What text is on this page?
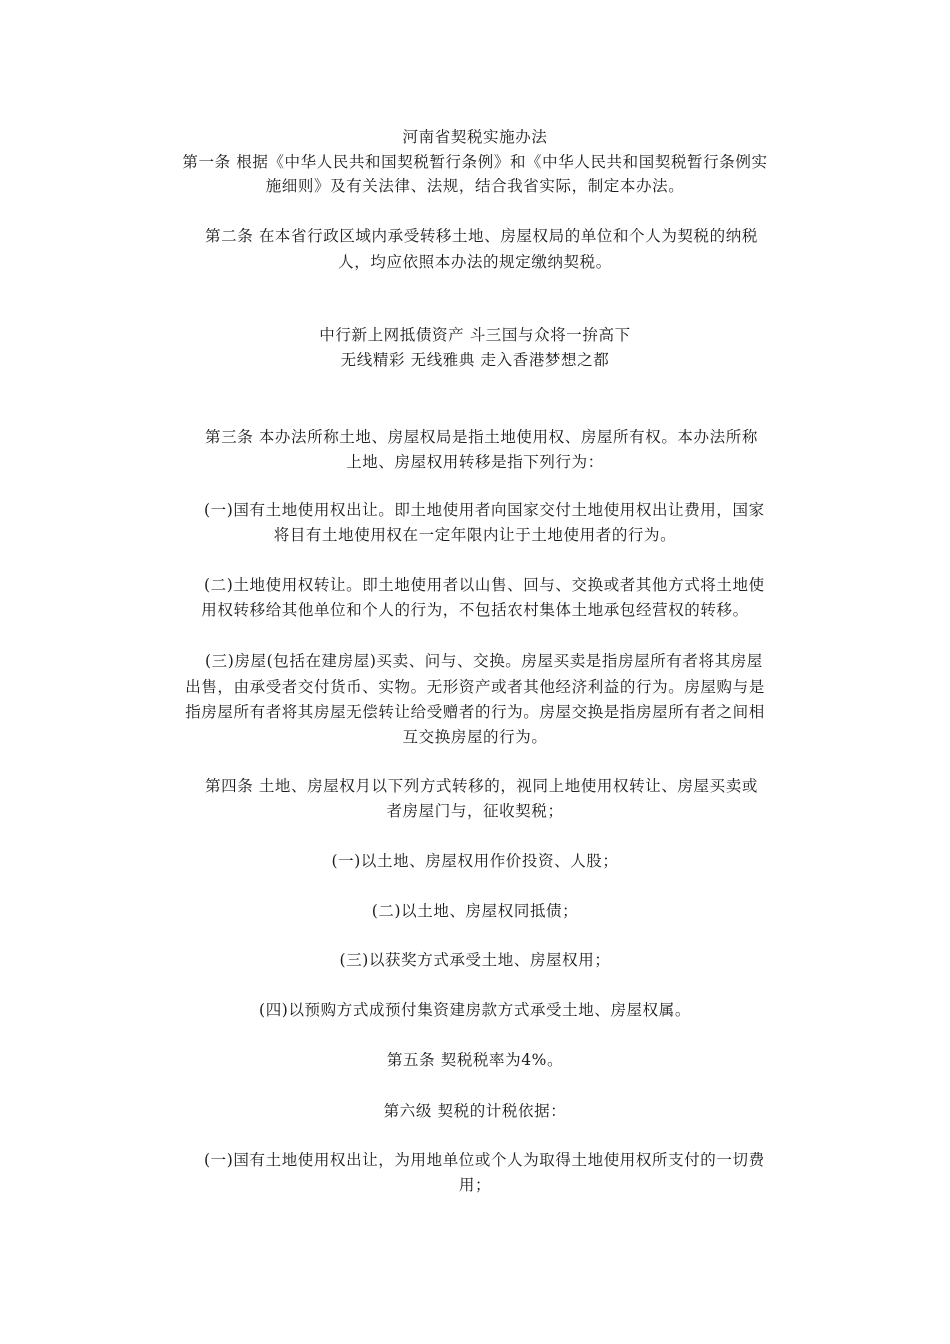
河南省契税实施办法
第一条 根据《中华人民共和国契税暂行条例》和《中华人民共和国契税暂行条例实
施细则》及有关法律、法规，结合我省实际，制定本办法。
第二条 在本省行政区域内承受转移土地、房屋权局的单位和个人为契税的纳税
人，均应依照本办法的规定缴纳契税。
中行新上网抵债资产 斗三国与众将一拚高下
无线精彩 无线雅典 走入香港梦想之都
第三条 本办法所称土地、房屋权局是指土地使用权、房屋所有权。本办法所称
上地、房屋权用转移是指下列行为：
(一)国有土地使用权出让。即土地使用者向国家交付土地使用权出让费用，国家
将目有土地使用权在一定年限内让于土地使用者的行为。
(二)土地使用权转让。即土地使用者以山售、回与、交换或者其他方式将土地使
用权转移给其他单位和个人的行为，不包括农村集体土地承包经营权的转移。
(三)房屋(包括在建房屋)买卖、问与、交换。房屋买卖是指房屋所有者将其房屋
出售，由承受者交付货币、实物。无形资产或者其他经济利益的行为。房屋购与是
指房屋所有者将其房屋无偿转让给受赠者的行为。房屋交换是指房屋所有者之间相
互交换房屋的行为。
第四条 土地、房屋权月以下列方式转移的，视同上地使用权转让、房屋买卖或
者房屋门与，征收契税；
(一)以土地、房屋权用作价投资、人股；
(二)以土地、房屋权同抵债；
(三)以获奖方式承受土地、房屋权用；
(四)以预购方式成预付集资建房款方式承受土地、房屋权属。
第五条 契税税率为4%。
第六级 契税的计税依据：
(一)国有土地使用权出让，为用地单位或个人为取得土地使用权所支付的一切费
用；
